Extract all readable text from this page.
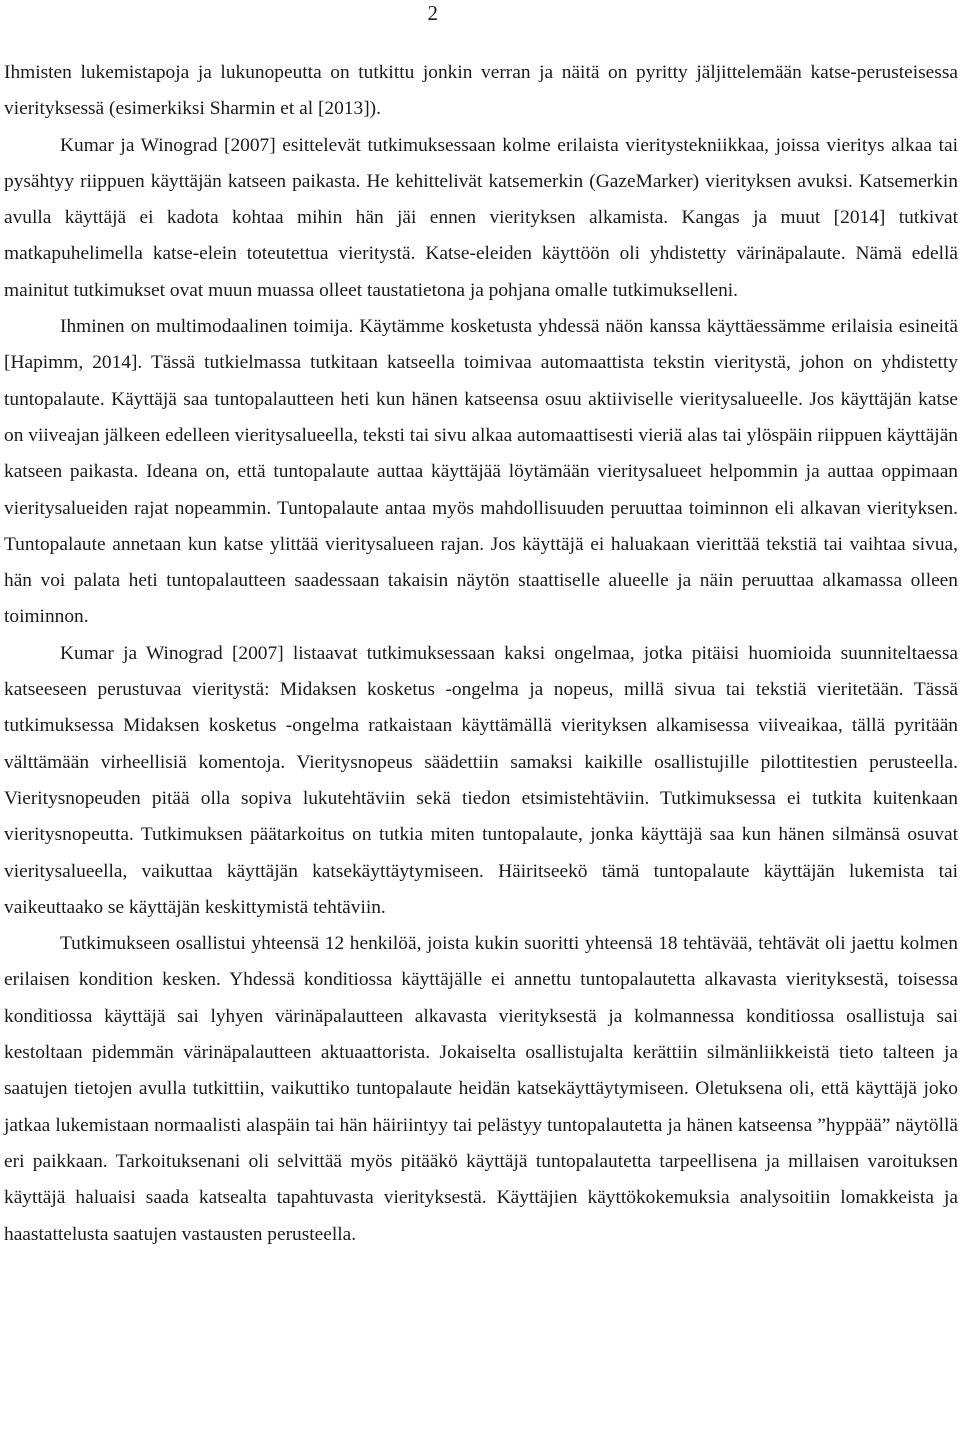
2

Ihmisten lukemistapoja ja lukunopeutta on tutkittu jonkin verran ja näitä on pyritty jäljittelemään katse-perusteisessa vierityksessä (esimerkiksi Sharmin et al [2013]).

Kumar ja Winograd [2007] esittelevät tutkimuksessaan kolme erilaista vieritystekniikkaa, joissa vieritys alkaa tai pysähtyy riippuen käyttäjän katseen paikasta. He kehittelivät katsemerkin (GazeMarker) vierityksen avuksi. Katsemerkin avulla käyttäjä ei kadota kohtaa mihin hän jäi ennen vierityksen alkamista. Kangas ja muut [2014] tutkivat matkapuhelimella katse-elein toteutettua vieritystä. Katse-eleiden käyttöön oli yhdistetty värinäpalaute. Nämä edellä mainitut tutkimukset ovat muun muassa olleet taustatietona ja pohjana omalle tutkimukselleni.

Ihminen on multimodaalinen toimija. Käytämme kosketusta yhdessä näön kanssa käyttäessämme erilaisia esineitä [Hapimm, 2014]. Tässä tutkielmassa tutkitaan katseella toimivaa automaattista tekstin vieritystä, johon on yhdistetty tuntopalaute. Käyttäjä saa tuntopalautteen heti kun hänen katseensa osuu aktiiviselle vieritysalueelle. Jos käyttäjän katse on viiveajan jälkeen edelleen vieritysalueella, teksti tai sivu alkaa automaattisesti vieriä alas tai ylöspäin riippuen käyttäjän katseen paikasta. Ideana on, että tuntopalaute auttaa käyttäjää löytämään vieritysalueet helpommin ja auttaa oppimaan vieritysalueiden rajat nopeammin. Tuntopalaute antaa myös mahdollisuuden peruuttaa toiminnon eli alkavan vierityksen. Tuntopalaute annetaan kun katse ylittää vieritysalueen rajan. Jos käyttäjä ei haluakaan vierittää tekstiä tai vaihtaa sivua, hän voi palata heti tuntopalautteen saadessaan takaisin näytön staattiselle alueelle ja näin peruuttaa alkamassa olleen toiminnon.

Kumar ja Winograd [2007] listaavat tutkimuksessaan kaksi ongelmaa, jotka pitäisi huomioida suunniteltaessa katseeseen perustuvaa vieritystä: Midaksen kosketus -ongelma ja nopeus, millä sivua tai tekstiä vieritetään. Tässä tutkimuksessa Midaksen kosketus -ongelma ratkaistaan käyttämällä vierityksen alkamisessa viiveaikaa, tällä pyritään välttämään virheellisiä komentoja. Vieritysnopeus säädettiin samaksi kaikille osallistujille pilottitestien perusteella. Vieritysnopeuden pitää olla sopiva lukutehtäviin sekä tiedon etsimistehtäviin. Tutkimuksessa ei tutkita kuitenkaan vieritysnopeutta. Tutkimuksen päätarkoitus on tutkia miten tuntopalaute, jonka käyttäjä saa kun hänen silmänsä osuvat vieritysalueella, vaikuttaa käyttäjän katsekäyttäytymiseen. Häiritseekö tämä tuntopalaute käyttäjän lukemista tai vaikeuttaako se käyttäjän keskittymistä tehtäviin.

Tutkimukseen osallistui yhteensä 12 henkilöä, joista kukin suoritti yhteensä 18 tehtävää, tehtävät oli jaettu kolmen erilaisen kondition kesken. Yhdessä konditiossa käyttäjälle ei annettu tuntopalautetta alkavasta vierityksestä, toisessa konditiossa käyttäjä sai lyhyen värinäpalautteen alkavasta vierityksestä ja kolmannessa konditiossa osallistuja sai kestoltaan pidemmän värinäpalautteen aktuaattorista. Jokaiselta osallistujalta kerättiin silmänliikkeistä tieto talteen ja saatujen tietojen avulla tutkittiin, vaikuttiko tuntopalaute heidän katsekäyttäytymiseen. Oletuksena oli, että käyttäjä joko jatkaa lukemistaan normaalisti alaspäin tai hän häiriintyy tai pelästyy tuntopalautetta ja hänen katseensa ”hyppää” näytöllä eri paikkaan. Tarkoituksenani oli selvittää myös pitääkö käyttäjä tuntopalautetta tarpeellisena ja millaisen varoituksen käyttäjä haluaisi saada katsealta tapahtuvasta vierityksestä. Käyttäjien käyttökokemuksia analysoitiin lomakkeista ja haastattelusta saatujen vastausten perusteella.
